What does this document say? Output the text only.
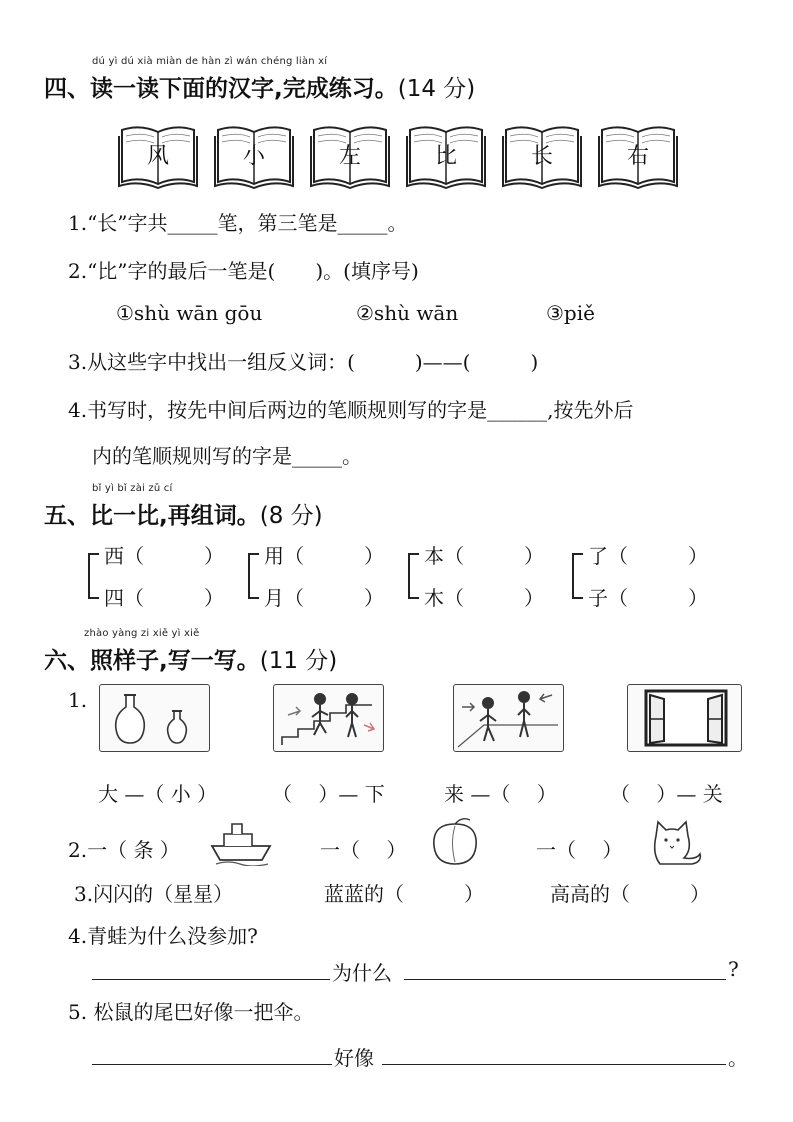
dú yì dú xià miàn de hàn zì wán chéng liàn xí
四、读一读下面的汉字,完成练习。(14 分)
风	小	左	比	长	右
1.“长”字共_____笔，第三笔是_____。
2.“比”字的最后一笔是(　　)。(填序号)
①shù wān gōu	②shù wān	③piě
3.从这些字中找出一组反义词：(　　　)——(　　　)
4.书写时，按先中间后两边的笔顺规则写的字是______,按先外后
内的笔顺规则写的字是_____。
bǐ yì bǐ zài zǔ cí
五、比一比,再组词。(8 分)
西（　　　）
四（　　　）
用（　　　）
月（　　　）
本（　　　）
木（　　　）
了（　　　）
子（　　　）
zhào yàng zi xiě yì xiě
六、照样子,写一写。(11 分)
1.
大 —（ 小 ）	（　 ）— 下	来 —（　 ）	（　 ）— 关
2.一（ 条 ）	一（　 ）	一（　 ）
3.闪闪的（星星）	蓝蓝的（　　　）	高高的（　　　）
4.青蛙为什么没参加?
为什么	?
5. 松鼠的尾巴好像一把伞。
好像	。
